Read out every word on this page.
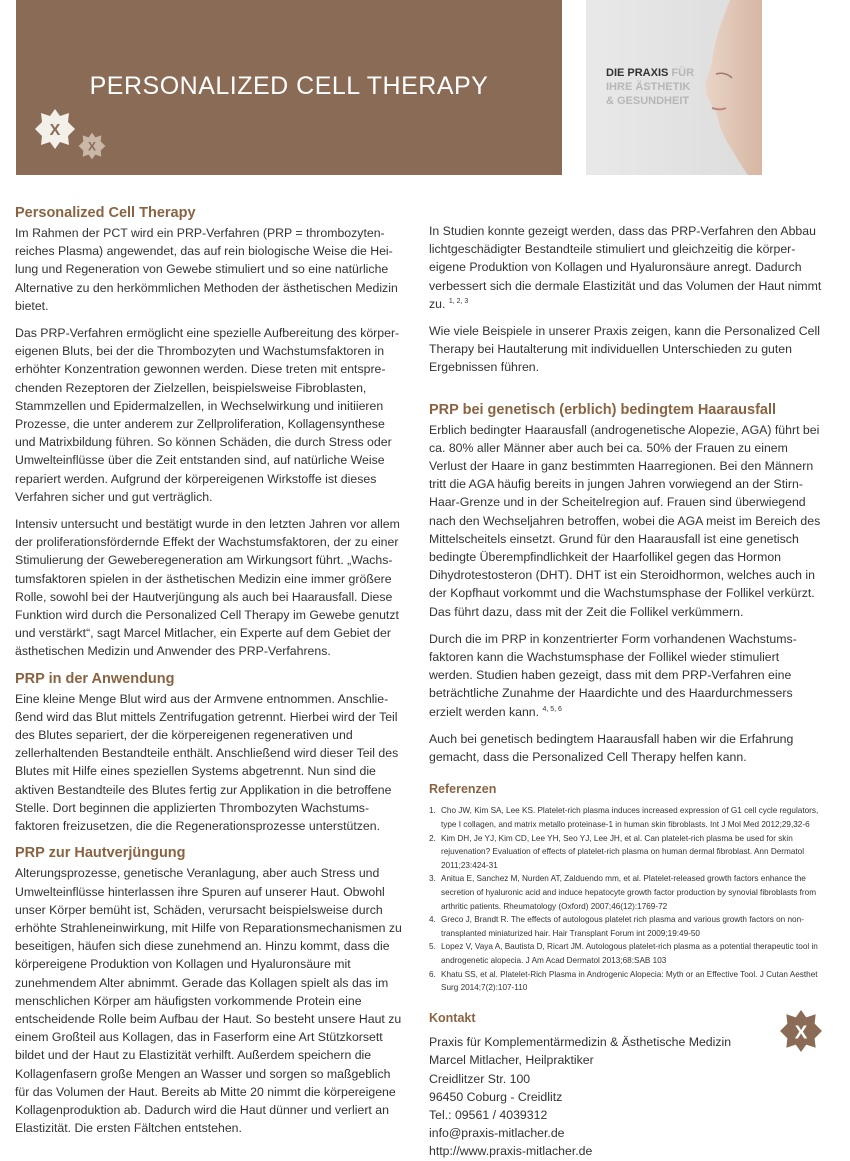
PERSONALIZED CELL THERAPY
X
X
DIE PRAXIS FÜR
IHRE ÄSTHETIK
& GESUNDHEIT
Personalized Cell Therapy

Im Rahmen der PCT wird ein PRP-Verfahren (PRP = thrombozytenreiches Plasma) angewendet, das auf rein biologische Weise die Heilung und Regeneration von Gewebe stimuliert und so eine natürliche Alternative zu den herkömmlichen Methoden der ästhetischen Medizin bietet.

Das PRP-Verfahren ermöglicht eine spezielle Aufbereitung des körpereigenen Bluts, bei der die Thrombozyten und Wachstumsfaktoren in erhöhter Konzentration gewonnen werden. Diese treten mit entsprechenden Rezeptoren der Zielzellen, beispielsweise Fibroblasten, Stammzellen und Epidermalzellen, in Wechselwirkung und initiieren Prozesse, die unter anderem zur Zellproliferation, Kollagensynthese und Matrixbildung führen. So können Schäden, die durch Stress oder Umwelteinflüsse über die Zeit entstanden sind, auf natürliche Weise repariert werden. Aufgrund der körpereigenen Wirkstoffe ist dieses Verfahren sicher und gut verträglich.

Intensiv untersucht und bestätigt wurde in den letzten Jahren vor allem der proliferationsfördernde Effekt der Wachstumsfaktoren, der zu einer Stimulierung der Geweberegeneration am Wirkungsort führt. „Wachstumsfaktoren spielen in der ästhetischen Medizin eine immer größere Rolle, sowohl bei der Hautverjüngung als auch bei Haarausfall. Diese Funktion wird durch die Personalized Cell Therapy im Gewebe genutzt und verstärkt“, sagt Marcel Mitlacher, ein Experte auf dem Gebiet der ästhetischen Medizin und Anwender des PRP-Verfahrens.

PRP in der Anwendung

Eine kleine Menge Blut wird aus der Armvene entnommen. Anschließend wird das Blut mittels Zentrifugation getrennt. Hierbei wird der Teil des Blutes separiert, der die körpereigenen regenerativen und zellerhaltenden Bestandteile enthält. Anschließend wird dieser Teil des Blutes mit Hilfe eines speziellen Systems abgetrennt. Nun sind die aktiven Bestandteile des Blutes fertig zur Applikation in die betroffene Stelle. Dort beginnen die applizierten Thrombozyten Wachstumsfaktoren freizusetzen, die die Regenerationsprozesse unterstützen.

PRP zur Hautverjüngung

Alterungsprozesse, genetische Veranlagung, aber auch Stress und Umwelteinflüsse hinterlassen ihre Spuren auf unserer Haut. Obwohl unser Körper bemüht ist, Schäden, verursacht beispielsweise durch erhöhte Strahleneinwirkung, mit Hilfe von Reparationsmechanismen zu beseitigen, häufen sich diese zunehmend an. Hinzu kommt, dass die körpereigene Produktion von Kollagen und Hyaluronsäure mit zunehmendem Alter abnimmt. Gerade das Kollagen spielt als das im menschlichen Körper am häufigsten vorkommende Protein eine entscheidende Rolle beim Aufbau der Haut. So besteht unsere Haut zu einem Großteil aus Kollagen, das in Faserform eine Art Stützkorsett bildet und der Haut zu Elastizität verhilft. Außerdem speichern die Kollagenfasern große Mengen an Wasser und sorgen so maßgeblich für das Volumen der Haut. Bereits ab Mitte 20 nimmt die körpereigene Kollagenproduktion ab. Dadurch wird die Haut dünner und verliert an Elastizität. Die ersten Fältchen entstehen.

In Studien konnte gezeigt werden, dass das PRP-Verfahren den Abbau lichtgeschädigter Bestandteile stimuliert und gleichzeitig die körpereigene Produktion von Kollagen und Hyaluronsäure anregt. Dadurch verbessert sich die dermale Elastizität und das Volumen der Haut nimmt zu. $^{1, 2, 3}$

Wie viele Beispiele in unserer Praxis zeigen, kann die Personalized Cell Therapy bei Hautalterung mit individuellen Unterschieden zu guten Ergebnissen führen.

PRP bei genetisch (erblich) bedingtem Haarausfall

Erblich bedingter Haarausfall (androgenetische Alopezie, AGA) führt bei ca. 80% aller Männer aber auch bei ca. 50% der Frauen zu einem Verlust der Haare in ganz bestimmten Haarregionen. Bei den Männern tritt die AGA häufig bereits in jungen Jahren vorwiegend an der Stirn-Haar-Grenze und in der Scheitelregion auf. Frauen sind überwiegend nach den Wechseljahren betroffen, wobei die AGA meist im Bereich des Mittelscheitels einsetzt. Grund für den Haarausfall ist eine genetisch bedingte Überempfindlichkeit der Haarfollikel gegen das Hormon Dihydrotestosteron (DHT). DHT ist ein Steroidhormon, welches auch in der Kopfhaut vorkommt und die Wachstumsphase der Follikel verkürzt. Das führt dazu, dass mit der Zeit die Follikel verkümmern.

Durch die im PRP in konzentrierter Form vorhandenen Wachstumsfaktoren kann die Wachstumsphase der Follikel wieder stimuliert werden. Studien haben gezeigt, dass mit dem PRP-Verfahren eine beträchtliche Zunahme der Haardichte und des Haardurchmessers erzielt werden kann. $^{4, 5, 6}$

Auch bei genetisch bedingtem Haarausfall haben wir die Erfahrung gemacht, dass die Personalized Cell Therapy helfen kann.

Referenzen
1. Cho JW, Kim SA, Lee KS. Platelet-rich plasma induces increased expression of G1 cell cycle regulators, type I collagen, and matrix metallo proteinase-1 in human skin fibroblasts. Int J Mol Med 2012;29,32-6
2. Kim DH, Je YJ, Kim CD, Lee YH, Seo YJ, Lee JH, et al. Can platelet-rich plasma be used for skin rejuvenation? Evaluation of effects of platelet-rich plasma on human dermal fibroblast. Ann Dermatol 2011;23:424-31
3. Anitua E, Sanchez M, Nurden AT, Zalduendo mm, et al. Platelet-released growth factors enhance the secretion of hyaluronic acid and induce hepatocyte growth factor production by synovial fibroblasts from arthritic patients. Rheumatology (Oxford) 2007;46(12):1769-72
4. Greco J, Brandt R. The effects of autologous platelet rich plasma and various growth factors on non-transplanted miniaturized hair. Hair Transplant Forum int 2009;19:49-50
5. Lopez V, Vaya A, Bautista D, Ricart JM. Autologous platelet-rich plasma as a potential therapeutic tool in androgenetic alopecia. J Am Acad Dermatol 2013;68:SAB 103
6. Khatu SS, et al. Platelet-Rich Plasma in Androgenic Alopecia: Myth or an Effective Tool. J Cutan Aesthet Surg 2014;7(2):107-110
Kontakt
Praxis für Komplementärmedizin & Ästhetische Medizin
Marcel Mitlacher, Heilpraktiker
Creidlitzer Str. 100
96450 Coburg - Creidlitz
Tel.: 09561 / 4039312
info@praxis-mitlacher.de
http://www.praxis-mitlacher.de
X
